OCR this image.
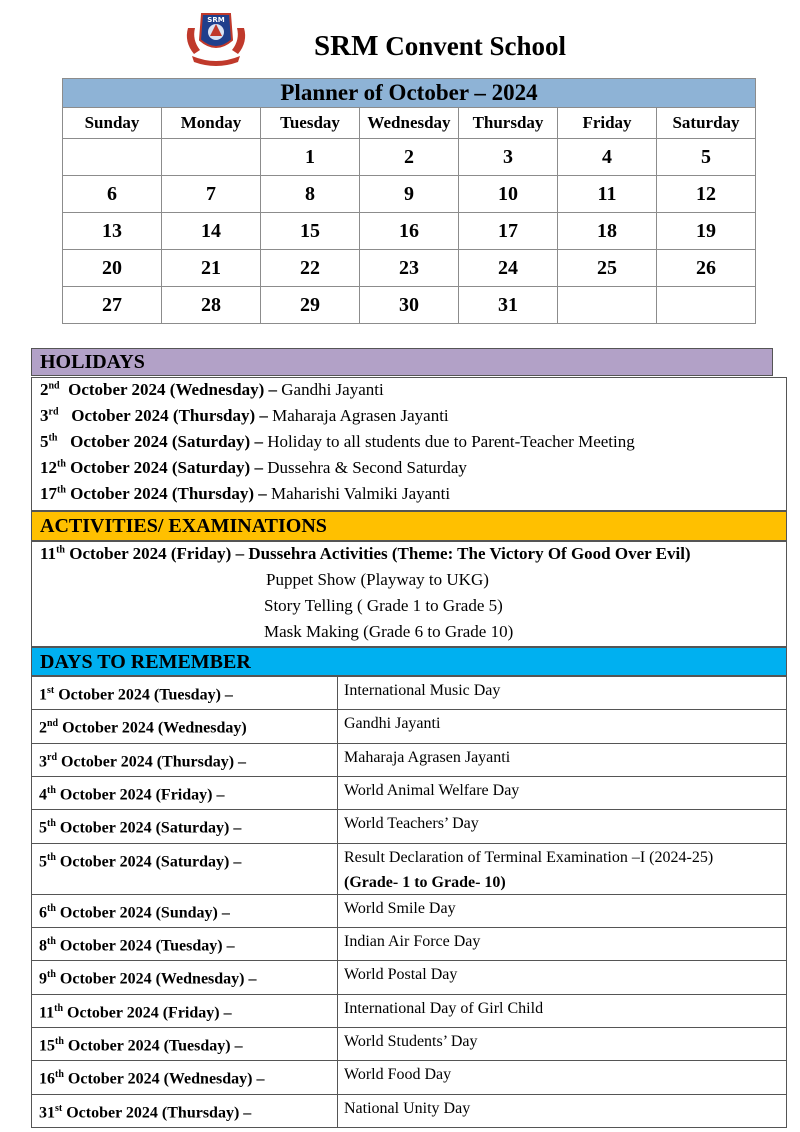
SRM
SRM Convent School
Planner of October – 2024						
Sunday	Monday	Tuesday	Wednesday	Thursday	Friday	Saturday
		1	2	3	4	5
6	7	8	9	10	11	12
13	14	15	16	17	18	19
20	21	22	23	24	25	26
27	28	29	30	31		
HOLIDAYS
2nd  October 2024 (Wednesday) – Gandhi Jayanti
3rd   October 2024 (Thursday) – Maharaja Agrasen Jayanti
5th   October 2024 (Saturday) – Holiday to all students due to Parent-Teacher Meeting
12th October 2024 (Saturday) – Dussehra & Second Saturday
17th October 2024 (Thursday) – Maharishi Valmiki Jayanti
ACTIVITIES/ EXAMINATIONS
11th October 2024 (Friday) – Dussehra Activities (Theme: The Victory Of Good Over Evil)
Puppet Show (Playway to UKG)
Story Telling ( Grade 1 to Grade 5)
Mask Making (Grade 6 to Grade 10)
DAYS TO REMEMBER
1st October 2024 (Tuesday) –	International Music Day

2nd October 2024 (Wednesday)	Gandhi Jayanti

3rd October 2024 (Thursday) –	Maharaja Agrasen Jayanti

4th October 2024 (Friday) –	World Animal Welfare Day

5th October 2024 (Saturday) –	World Teachers’ Day

5th October 2024 (Saturday) –	Result Declaration of Terminal Examination –I (2024-25)
(Grade- 1 to Grade- 10)

6th October 2024 (Sunday) –	World Smile Day

8th October 2024 (Tuesday) –	Indian Air Force Day

9th October 2024 (Wednesday) –	World Postal Day

11th October 2024 (Friday) –	International Day of Girl Child

15th October 2024 (Tuesday) –	World Students’ Day

16th October 2024 (Wednesday) –	World Food Day

31st October 2024 (Thursday) –	National Unity Day
